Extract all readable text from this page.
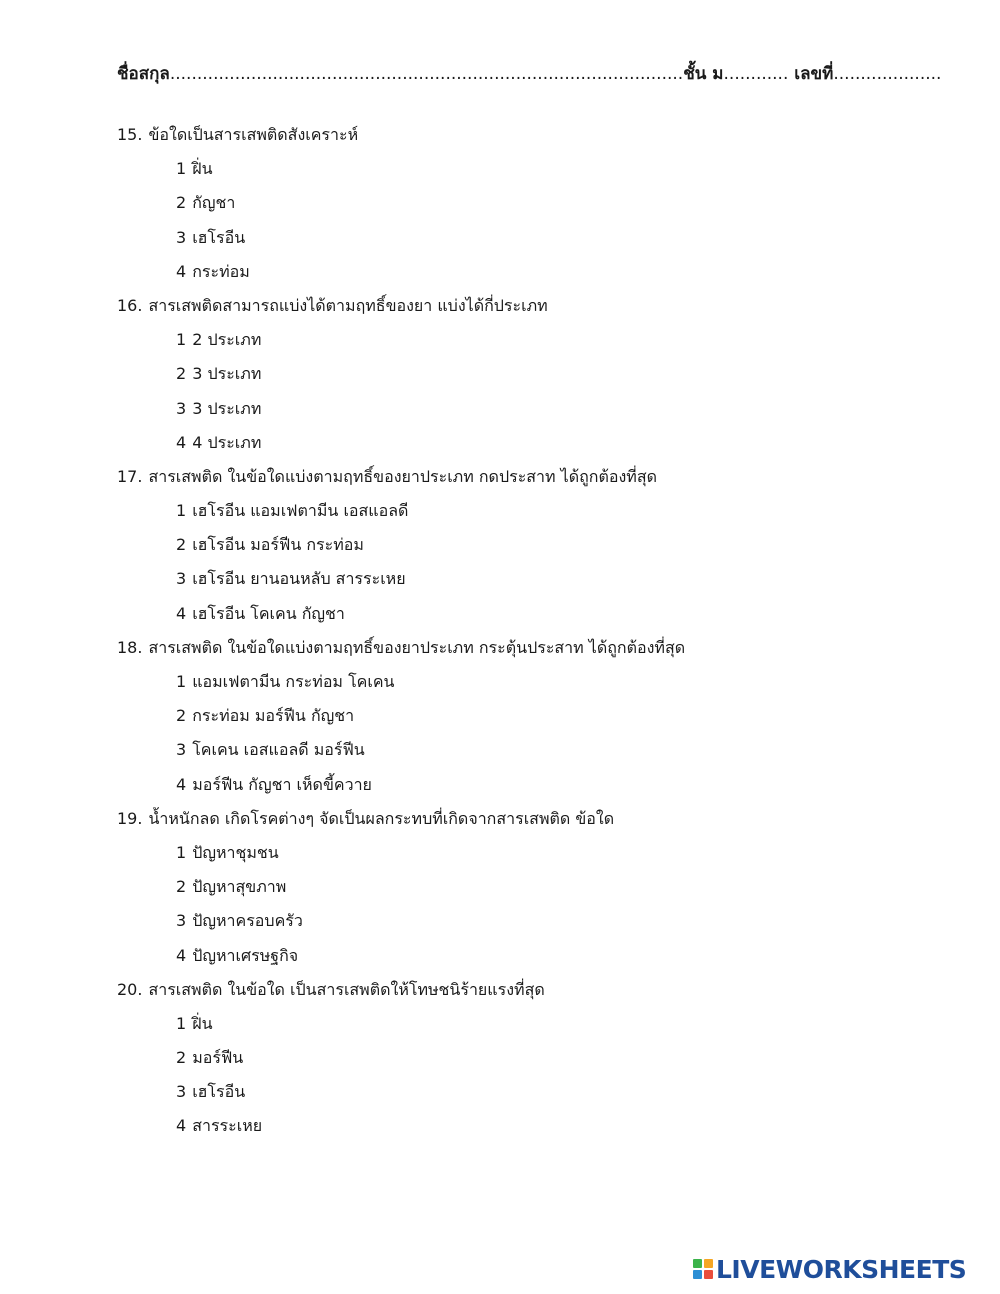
ชื่อสกุล...............................................................................................ชั้น ม............ เลขที่....................
15. ข้อใดเป็นสารเสพติดสังเคราะห์
1 ฝิ่น
2 กัญชา
3 เฮโรอีน
4 กระท่อม
16. สารเสพติดสามารถแบ่งได้ตามฤทธิ์ของยา แบ่งได้กี่ประเภท
1 2 ประเภท
2 3 ประเภท
3 3 ประเภท
4 4 ประเภท
17. สารเสพติด ในข้อใดแบ่งตามฤทธิ์ของยาประเภท กดประสาท ได้ถูกต้องที่สุด
1 เฮโรอีน แอมเฟตามีน เอสแอลดี
2 เฮโรอีน มอร์ฟีน กระท่อม
3 เฮโรอีน ยานอนหลับ สารระเหย
4 เฮโรอีน โคเคน กัญชา
18. สารเสพติด ในข้อใดแบ่งตามฤทธิ์ของยาประเภท กระตุ้นประสาท ได้ถูกต้องที่สุด
1 แอมเฟตามีน กระท่อม โคเคน
2 กระท่อม มอร์ฟีน กัญชา
3 โคเคน เอสแอลดี มอร์ฟีน
4 มอร์ฟีน กัญชา เห็ดขี้ควาย
19. น้ำหนักลด เกิดโรคต่างๆ จัดเป็นผลกระทบที่เกิดจากสารเสพติด ข้อใด
1 ปัญหาชุมชน
2 ปัญหาสุขภาพ
3 ปัญหาครอบครัว
4 ปัญหาเศรษฐกิจ
20. สารเสพติด ในข้อใด เป็นสารเสพติดให้โทษชนิร้ายแรงที่สุด
1 ฝิ่น
2 มอร์ฟีน
3 เฮโรอีน
4 สารระเหย
LIVEWORKSHEETS
